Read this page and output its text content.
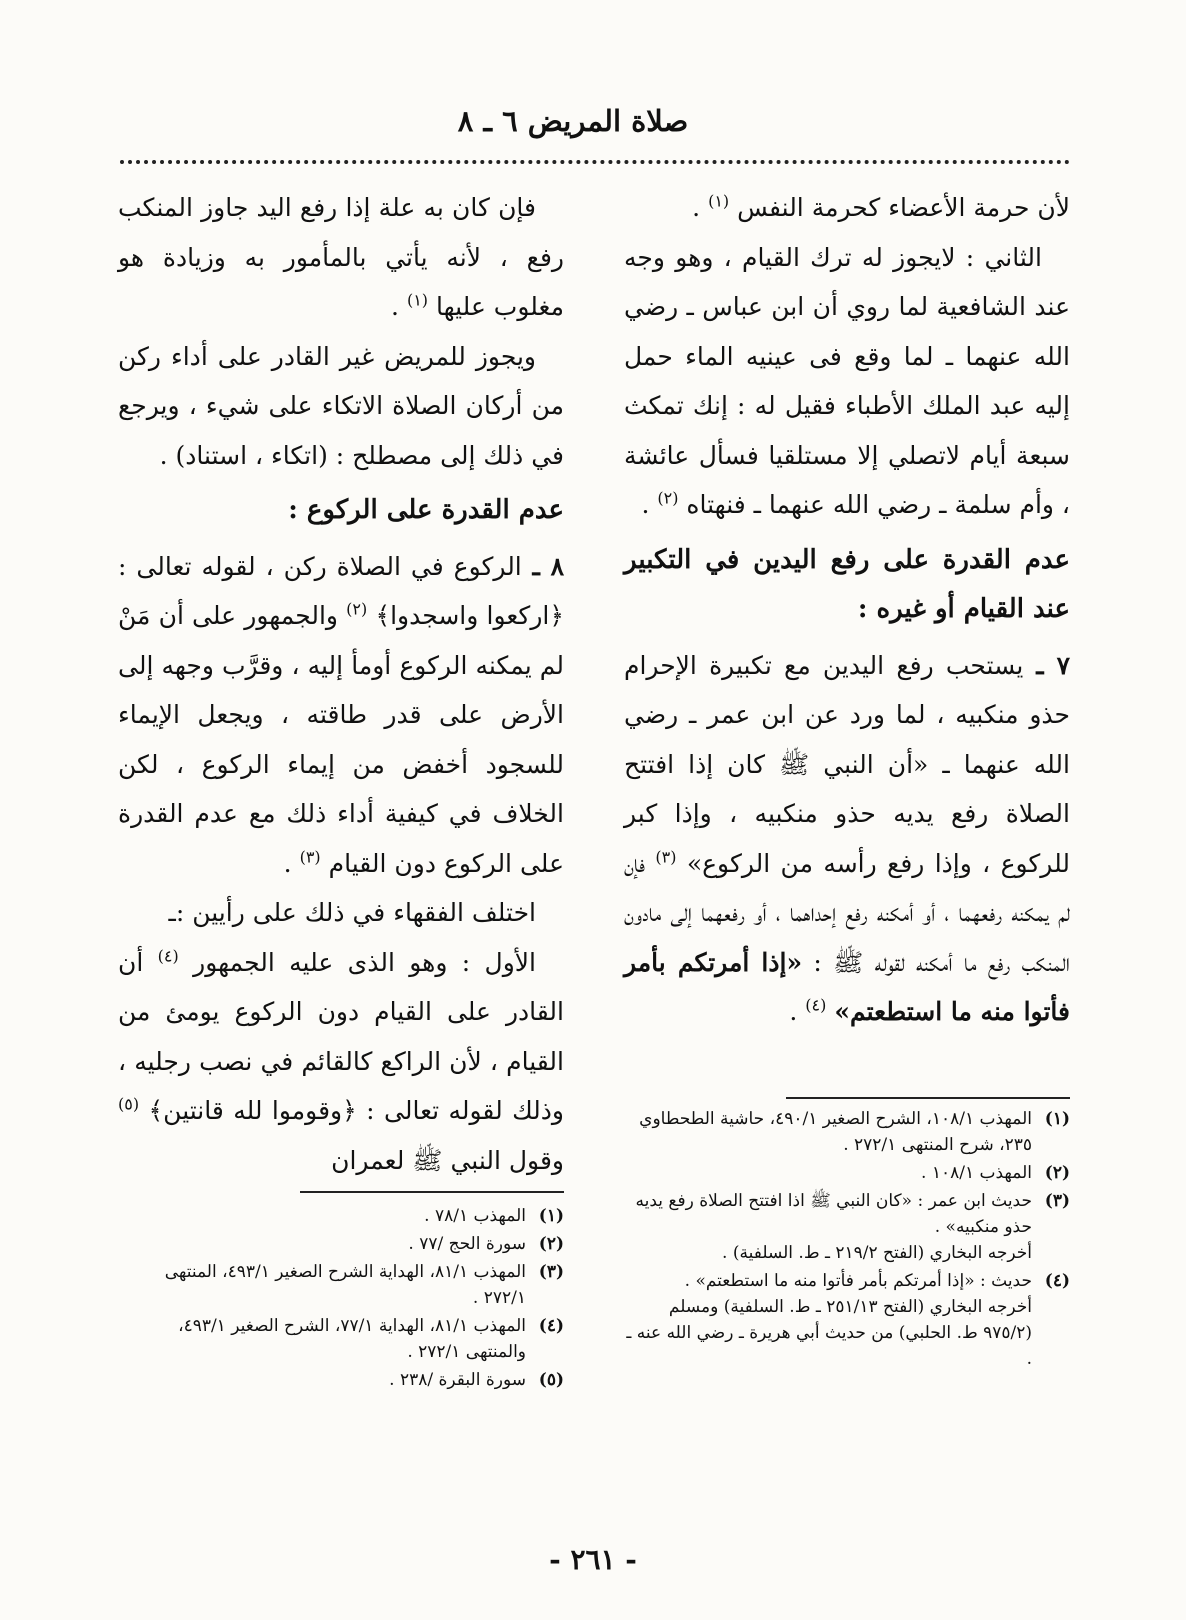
صلاة المريض ٦ ـ ٨

لأن حرمة الأعضاء كحرمة النفس $^{(١)}$ .

الثاني : لايجوز له ترك القيام ، وهو وجه عند الشافعية لما روي أن ابن عباس ـ رضي الله عنهما ـ لما وقع فى عينيه الماء حمل إليه عبد الملك الأطباء فقيل له : إنك تمكث سبعة أيام لاتصلي إلا مستلقيا فسأل عائشة ، وأم سلمة ـ رضي الله عنهما ـ فنهتاه $^{(٢)}$ .

عدم القدرة على رفع اليدين في التكبير عند القيام أو غيره :

٧ ـ يستحب رفع اليدين مع تكبيرة الإحرام حذو منكبيه ، لما ورد عن ابن عمر ـ رضي الله عنهما ـ «أن النبي ﷺ كان إذا افتتح الصلاة رفع يديه حذو منكبيه ، وإذا كبر للركوع ، وإذا رفع رأسه من الركوع» $^{(٣)}$ فإن لم يمكنه رفعهما ، أو أمكنه رفع إحداهما ، أو رفعهما إلى مادون المنكب رفع ما أمكنه لقوله ﷺ : «إذا أمرتكم بأمر فأتوا منه ما استطعتم» $^{(٤)}$ .

فإن كان به علة إذا رفع اليد جاوز المنكب رفع ، لأنه يأتي بالمأمور به وزيادة هو مغلوب عليها $^{(١)}$ .

ويجوز للمريض غير القادر على أداء ركن من أركان الصلاة الاتكاء على شيء ، ويرجع في ذلك إلى مصطلح : (اتكاء ، استناد) .

عدم القدرة على الركوع :

٨ ـ الركوع في الصلاة ركن ، لقوله تعالى : ﴿اركعوا واسجدوا﴾ $^{(٢)}$ والجمهور على أن مَنْ لم يمكنه الركوع أومأ إليه ، وقرَّب وجهه إلى الأرض على قدر طاقته ، ويجعل الإيماء للسجود أخفض من إيماء الركوع ، لكن الخلاف في كيفية أداء ذلك مع عدم القدرة على الركوع دون القيام $^{(٣)}$ .

اختلف الفقهاء في ذلك على رأيين :ـ

الأول : وهو الذى عليه الجمهور $^{(٤)}$ أن القادر على القيام دون الركوع يومئ من القيام ، لأن الراكع كالقائم في نصب رجليه ، وذلك لقوله تعالى : ﴿وقوموا لله قانتين﴾ $^{(٥)}$ وقول النبي ﷺ لعمران

(١)
المهذب ١٠٨/١، الشرح الصغير ٤٩٠/١، حاشية الطحطاوي ٢٣٥، شرح المنتهى ٢٧٢/١ .
(٢)
المهذب ١٠٨/١ .
(٣)
حديث ابن عمر : «كان النبي ﷺ اذا افتتح الصلاة رفع يديه حذو منكبيه» .
أخرجه البخاري (الفتح ٢١٩/٢ ـ ط. السلفية) .
(٤)
حديث : «إذا أمرتكم بأمر فأتوا منه ما استطعتم» .
أخرجه البخاري (الفتح ٢٥١/١٣ ـ ط. السلفية) ومسلم (٩٧٥/٢ ط. الحلبي) من حديث أبي هريرة ـ رضي الله عنه ـ .
(١)
المهذب ٧٨/١ .
(٢)
سورة الحج /٧٧ .
(٣)
المهذب ٨١/١، الهداية الشرح الصغير ٤٩٣/١، المنتهى ٢٧٢/١ .
(٤)
المهذب ٨١/١، الهداية ٧٧/١، الشرح الصغير ٤٩٣/١، والمنتهى ٢٧٢/١ .
(٥)
سورة البقرة /٢٣٨ .
- ٢٦١ -
